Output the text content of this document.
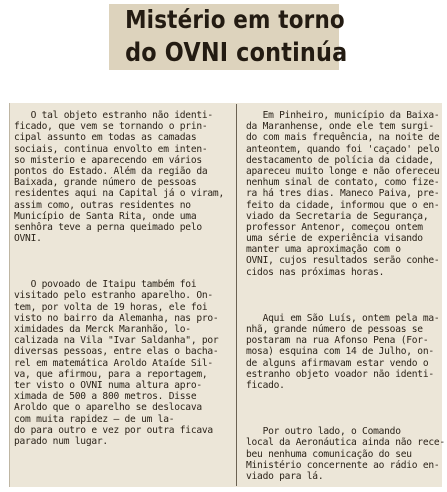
Mistério em torno
do OVNI continúa
O tal objeto estranho não identi-
ficado, que vem se tornando o prin-
cipal assunto em todas as camadas
sociais, continua envolto em inten-
so misterio e aparecendo em vários
pontos do Estado. Além da região da
Baixada, grande número de pessoas
residentes aqui na Capital já o viram,
assim como, outras residentes no
Município de Santa Rita, onde uma
senhôra teve a perna queimado pelo
OVNI.
O povoado de Itaipu também foi
visitado pelo estranho aparelho. On-
tem, por volta de 19 horas, ele foi
visto no bairro da Alemanha, nas pro-
ximidades da Merck Maranhão, lo-
calizada na Vila "Ivar Saldanha", por
diversas pessoas, entre elas o bacha-
rel em matemática Aroldo Ataíde Sil-
va, que afirmou, para a reportagem,
ter visto o OVNI numa altura apro-
ximada de 500 a 800 metros. Disse
Aroldo que o aparelho se deslocava
com muita rapidez — de um la-
do para outro e vez por outra ficava
parado num lugar.
Em Pinheiro, município da Baixa-
da Maranhense, onde ele tem surgi-
do com mais frequência, na noite de
anteontem, quando foi 'caçado' pelo
destacamento de polícia da cidade,
apareceu muito longe e não ofereceu
nenhum sinal de contato, como fize-
ra há tres dias. Maneco Paiva, pre-
feito da cidade, informou que o en-
viado da Secretaria de Segurança,
professor Antenor, começou ontem
uma série de experiência visando
manter uma aproximação com o
OVNI, cujos resultados serão conhe-
cidos nas próximas horas.
Aqui em São Luís, ontem pela ma-
nhã, grande número de pessoas se
postaram na rua Afonso Pena (For-
mosa) esquina com 14 de Julho, on-
de alguns afirmavam estar vendo o
estranho objeto voador não identi-
ficado.
Por outro lado, o Comando
local da Aeronáutica ainda não rece-
beu nenhuma comunicação do seu
Ministério concernente ao rádio en-
viado para lá.
